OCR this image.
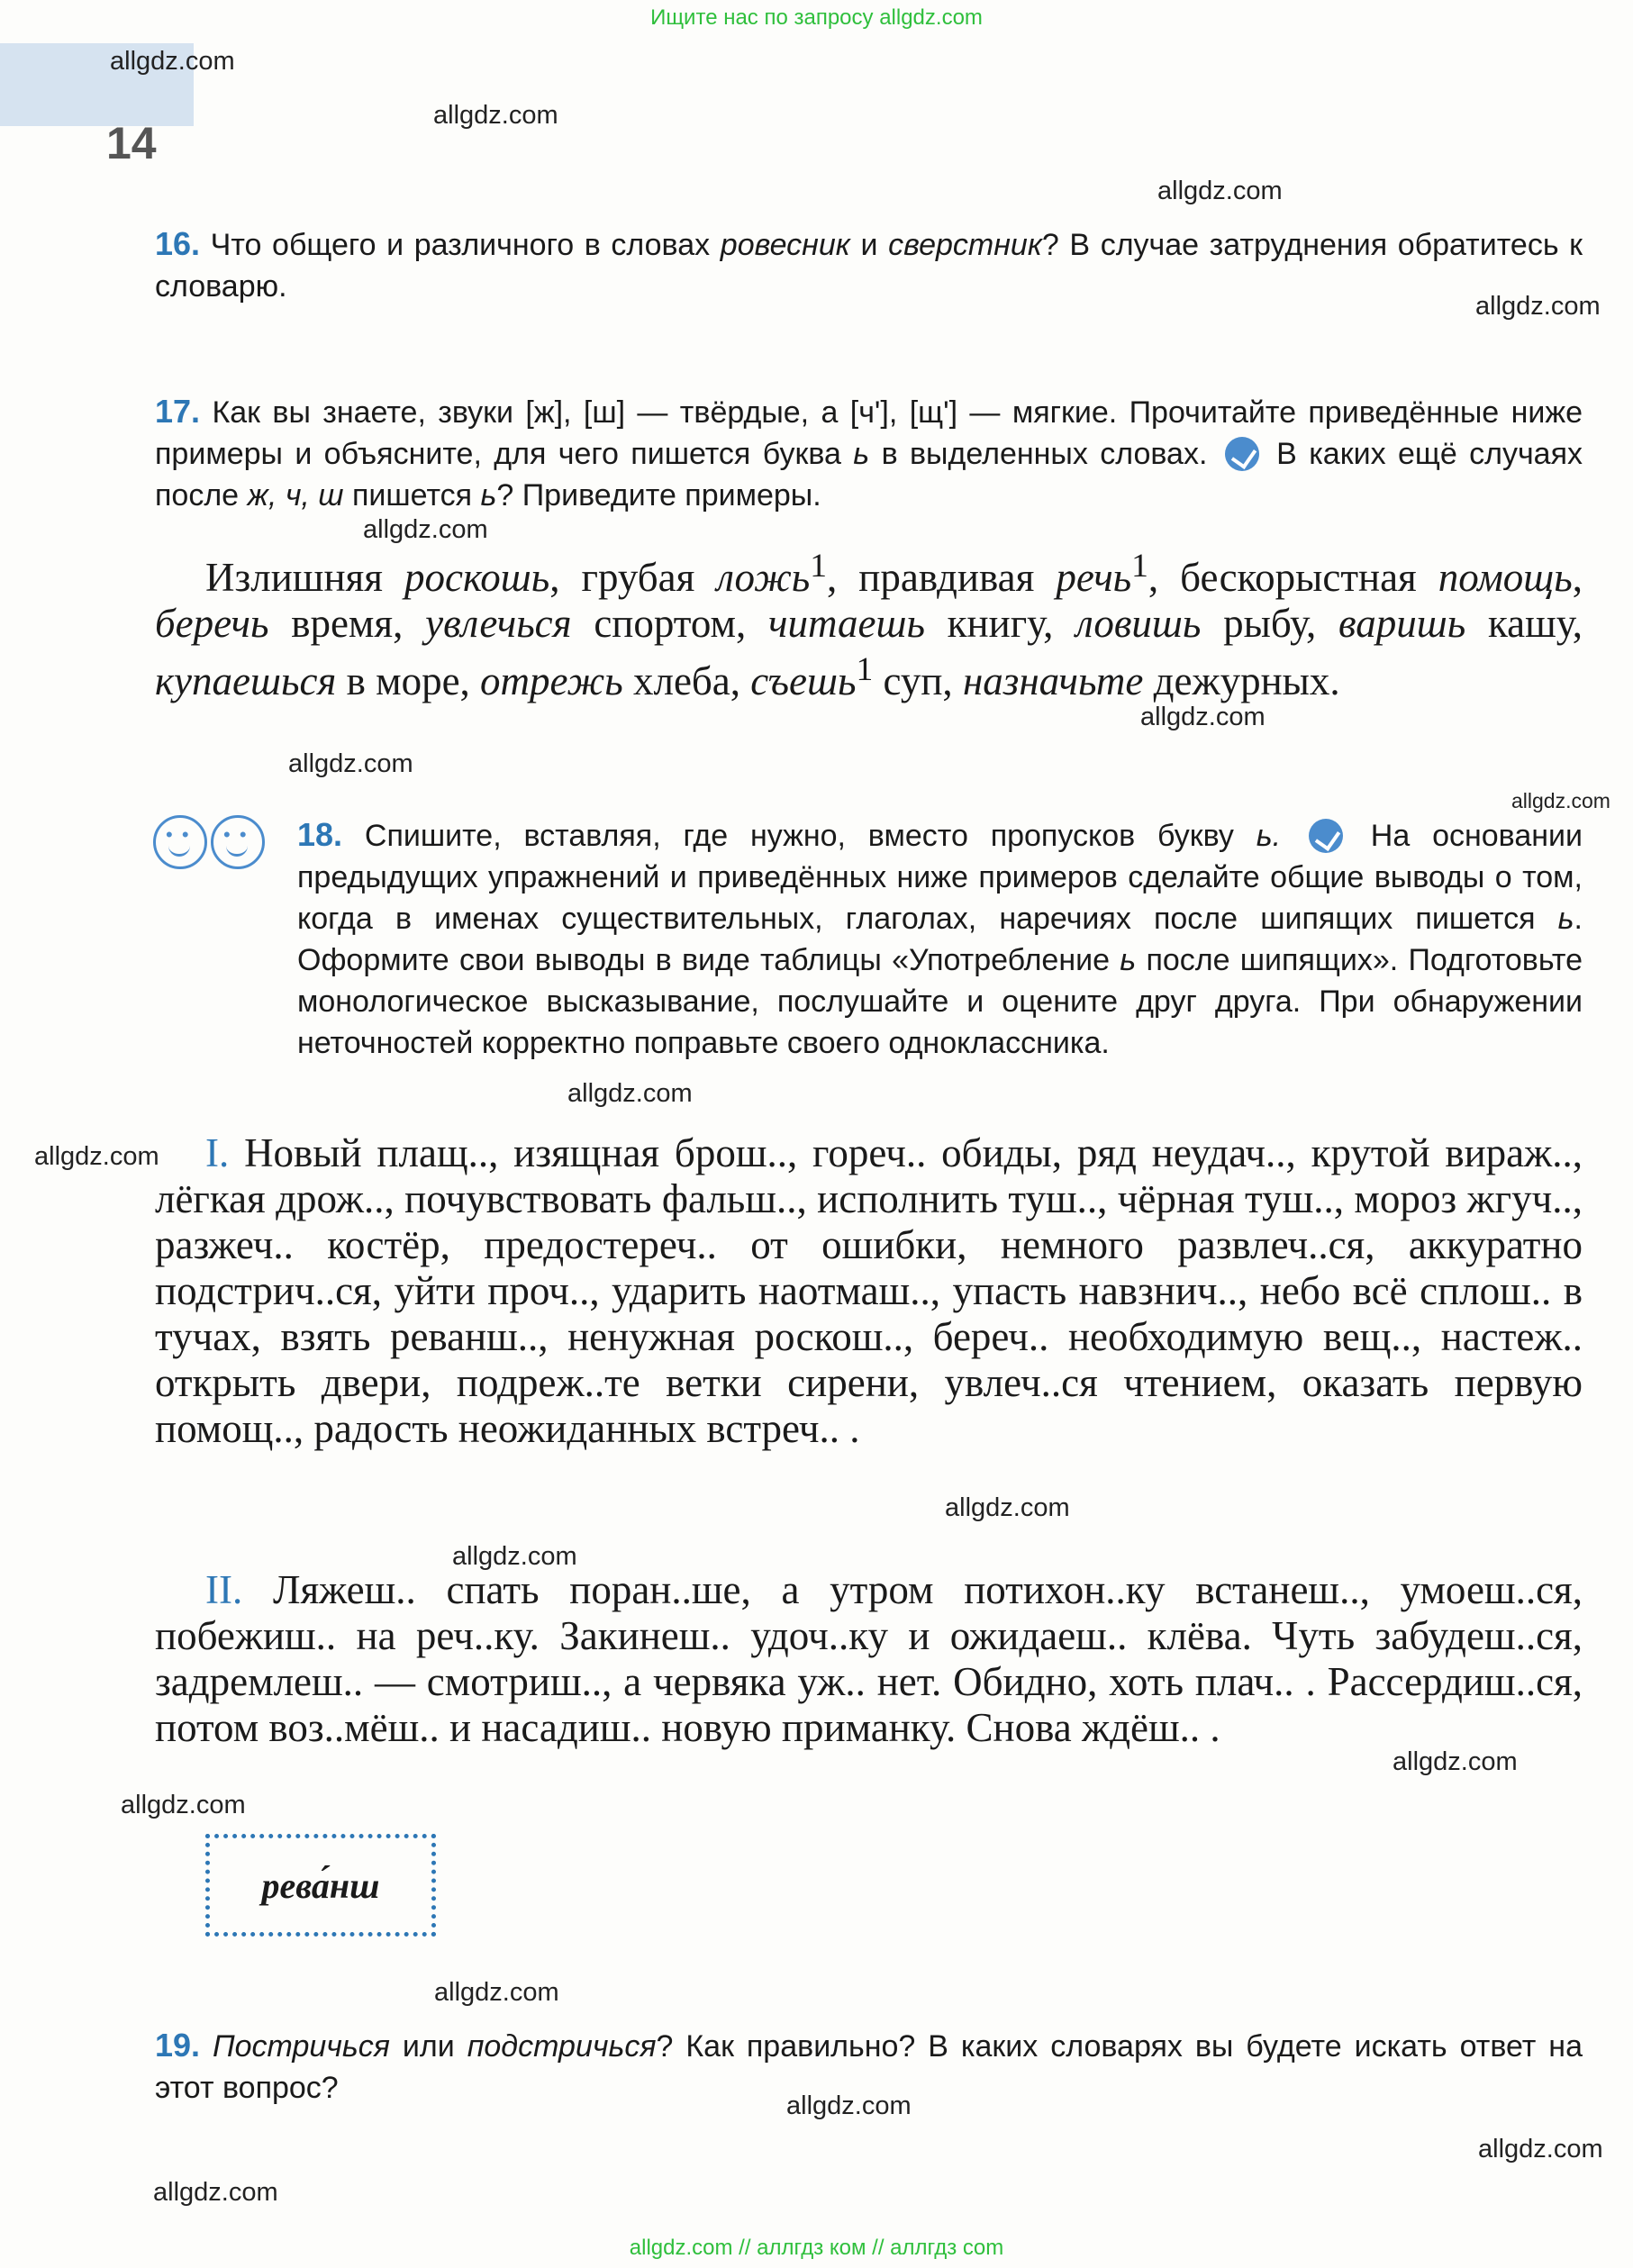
Ищите нас по запросу allgdz.com
14
16. Что общего и различного в словах ровесник и сверстник? В случае затруднения обратитесь к словарю.
17. Как вы знаете, звуки [ж], [ш] — твёрдые, а [ч'], [щ'] — мягкие. Прочитайте приведённые ниже примеры и объясните, для чего пишется буква ь в выделенных словах. В каких ещё случаях после ж, ч, ш пишется ь? Приведите примеры.
Излишняя роскошь, грубая ложь$^1$, правдивая речь$^1$, бескорыстная помощь, беречь время, увлечься спортом, читаешь книгу, ловишь рыбу, варишь кашу, купаешься в море, отрежь хлеба, съешь$^1$ суп, назначьте дежурных.
• •• •
18. Спишите, вставляя, где нужно, вместо пропусков букву ь.	На основании предыдущих упражнений и приведённых ниже примеров сделайте общие выводы о том, когда в именах существительных, глаголах, наречиях после шипящих пишется ь. Оформите свои выводы в виде таблицы «Употребление ь после шипящих». Подготовьте монологическое высказывание, послушайте и оцените друг друга. При обнаружении неточностей корректно поправьте своего одноклассника.
I. Новый плащ.., изящная брош.., гореч.. обиды, ряд неудач.., крутой вираж.., лёгкая дрож.., почувствовать фальш.., исполнить туш.., чёрная туш.., мороз жгуч.., разжеч.. костёр, предостереч.. от ошибки, немного развлеч..ся, аккуратно подстрич..ся, уйти проч.., ударить наотмаш.., упасть навзнич.., небо всё сплош.. в тучах, взять реванш.., ненужная роскош.., береч.. необходимую вещ.., настеж.. открыть двери, подреж..те ветки сирени, увлеч..ся чтением, оказать первую помощ.., радость неожиданных встреч.. .
II. Ляжеш.. спать поран..ше, а утром потихон..ку встанеш.., умоеш..ся, побежиш.. на реч..ку. Закинеш.. удоч..ку и ожидаеш.. клёва. Чуть забудеш..ся, задремлеш.. — смотриш.., а червяка уж.. нет. Обидно, хоть плач.. . Рассердиш..ся, потом воз..мёш.. и насадиш.. новую приманку. Снова ждёш.. .
рева́нш
19. Постричься или подстричься? Как правильно? В каких словарях вы будете искать ответ на этот вопрос?
allgdz.com
allgdz.com
allgdz.com
allgdz.com
allgdz.com
allgdz.com
allgdz.com
allgdz.com
allgdz.com
allgdz.com
allgdz.com
allgdz.com
allgdz.com
allgdz.com
allgdz.com
allgdz.com
allgdz.com
allgdz.com
allgdz.com // аллгдз ком // аллгдз com
